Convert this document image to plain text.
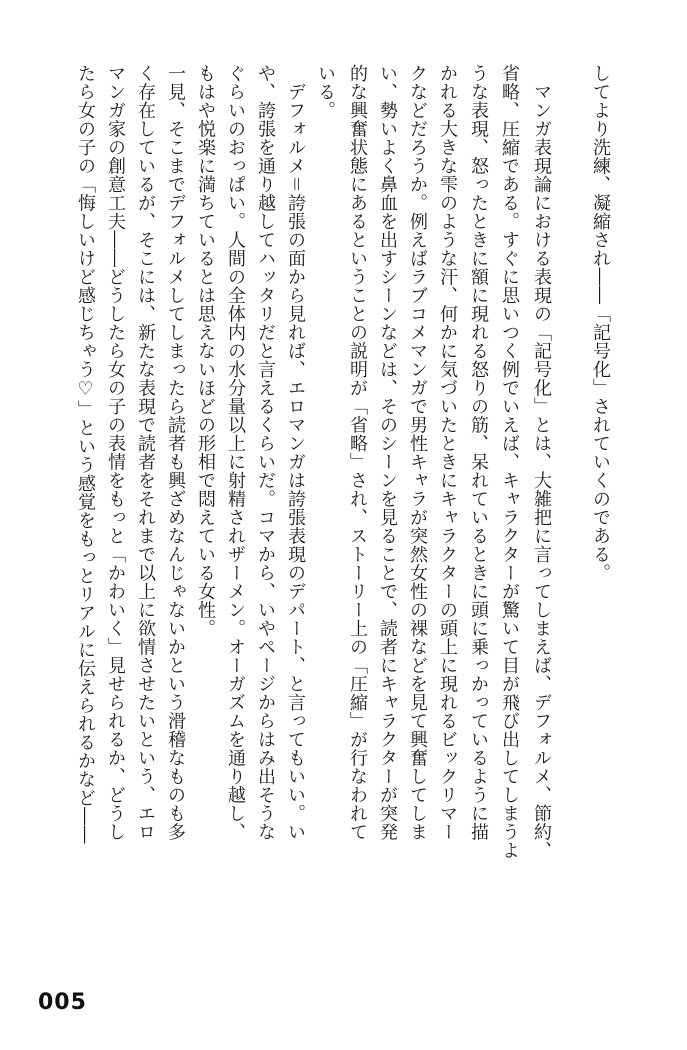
してより洗練、凝縮され――「記号化」されていくのである。
　マンガ表現論における表現の「記号化」とは、大雑把に言ってしまえば、デフォルメ、節約、
省略、圧縮である。すぐに思いつく例でいえば、キャラクターが驚いて目が飛び出してしまうよ
うな表現、怒ったときに額に現れる怒りの筋、呆れているときに頭に乗っかっているように描
かれる大きな雫のような汗、何かに気づいたときにキャラクターの頭上に現れるビックリマー
クなどだろうか。例えばラブコメマンガで男性キャラが突然女性の裸などを見て興奮してしま
い、勢いよく鼻血を出すシーンなどは、そのシーンを見ることで、読者にキャラクターが突発
的な興奮状態にあるということの説明が「省略」され、ストーリー上の「圧縮」が行なわれて
いる。
　デフォルメ＝誇張の面から見れば、エロマンガは誇張表現のデパート、と言ってもいい。い
や、誇張を通り越してハッタリだと言えるくらいだ。コマから、いやページからはみ出そうな
ぐらいのおっぱい。人間の全体内の水分量以上に射精されザーメン。オーガズムを通り越し、
もはや悦楽に満ちているとは思えないほどの形相で悶えている女性。
一見、そこまでデフォルメしてしまったら読者も興ざめなんじゃないかという滑稽なものも多
く存在しているが、そこには、新たな表現で読者をそれまで以上に欲情させたいという、エロ
マンガ家の創意工夫――どうしたら女の子の表情をもっと「かわいく」見せられるか、どうし
たら女の子の「悔しいけど感じちゃう♡」という感覚をもっとリアルに伝えられるかなど――
005
